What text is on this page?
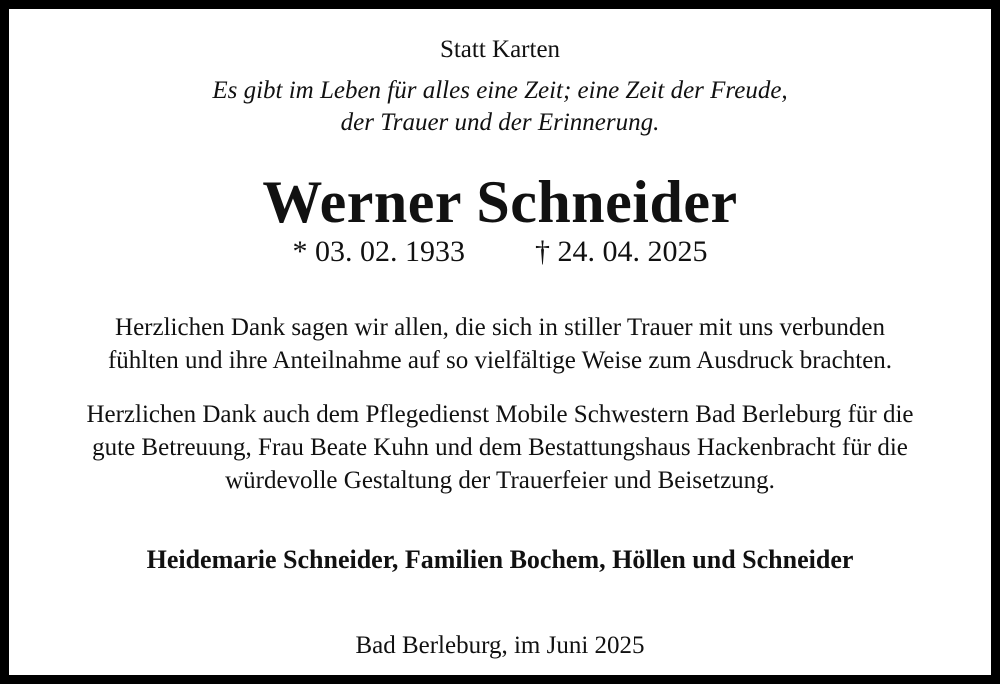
Statt Karten
Es gibt im Leben für alles eine Zeit; eine Zeit der Freude,
der Trauer und der Erinnerung.
Werner Schneider
* 03. 02. 1933 † 24. 04. 2025
Herzlichen Dank sagen wir allen, die sich in stiller Trauer mit uns verbunden
fühlten und ihre Anteilnahme auf so vielfältige Weise zum Ausdruck brachten.
Herzlichen Dank auch dem Pflegedienst Mobile Schwestern Bad Berleburg für die
gute Betreuung, Frau Beate Kuhn und dem Bestattungshaus Hackenbracht für die
würdevolle Gestaltung der Trauerfeier und Beisetzung.
Heidemarie Schneider, Familien Bochem, Höllen und Schneider
Bad Berleburg, im Juni 2025
